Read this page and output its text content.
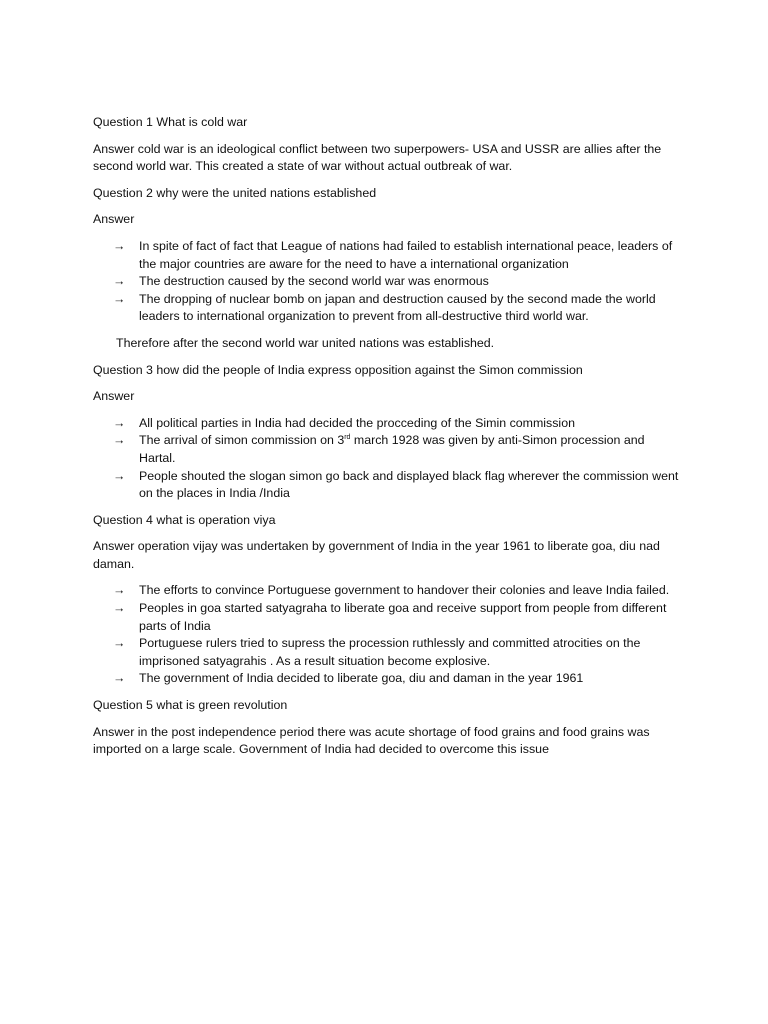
Question 1 What is cold war

Answer cold war is an ideological conflict between two superpowers- USA and USSR are allies after the second world war. This created a state of war without actual outbreak of war.

Question 2 why were the united nations established

Answer

→	In spite of fact of fact that League of nations had failed to establish international peace, leaders of the major countries are aware for the need to have a international organization
→	The destruction caused by the second world war was enormous
→	The dropping of nuclear bomb on japan and destruction caused by the second made the world leaders to international organization to prevent from all-destructive third world war.

Therefore after the second world war united nations was established.

Question 3 how did the people of India express opposition against the Simon commission

Answer

→	All political parties in India had decided the procceding of the Simin commission
→	The arrival of simon commission on 3rd march 1928 was given by anti-Simon procession and Hartal.
→	People shouted the slogan simon go back and displayed black flag wherever the commission went on the places in India /India

Question 4 what is operation viya

Answer operation vijay was undertaken by government of India in the year 1961 to liberate goa, diu nad daman.

→	The efforts to convince Portuguese government to handover their colonies and leave India failed.
→	Peoples in goa started satyagraha to liberate goa and receive support from people from different parts of India
→	Portuguese rulers tried to supress the procession ruthlessly and committed atrocities on the imprisoned satyagrahis . As a result situation become explosive.
→	The government of India decided to liberate goa, diu and daman in the year 1961

Question 5 what is green revolution

Answer in the post independence period there was acute shortage of food grains and food grains was imported on a large scale. Government of India had decided to overcome this issue
